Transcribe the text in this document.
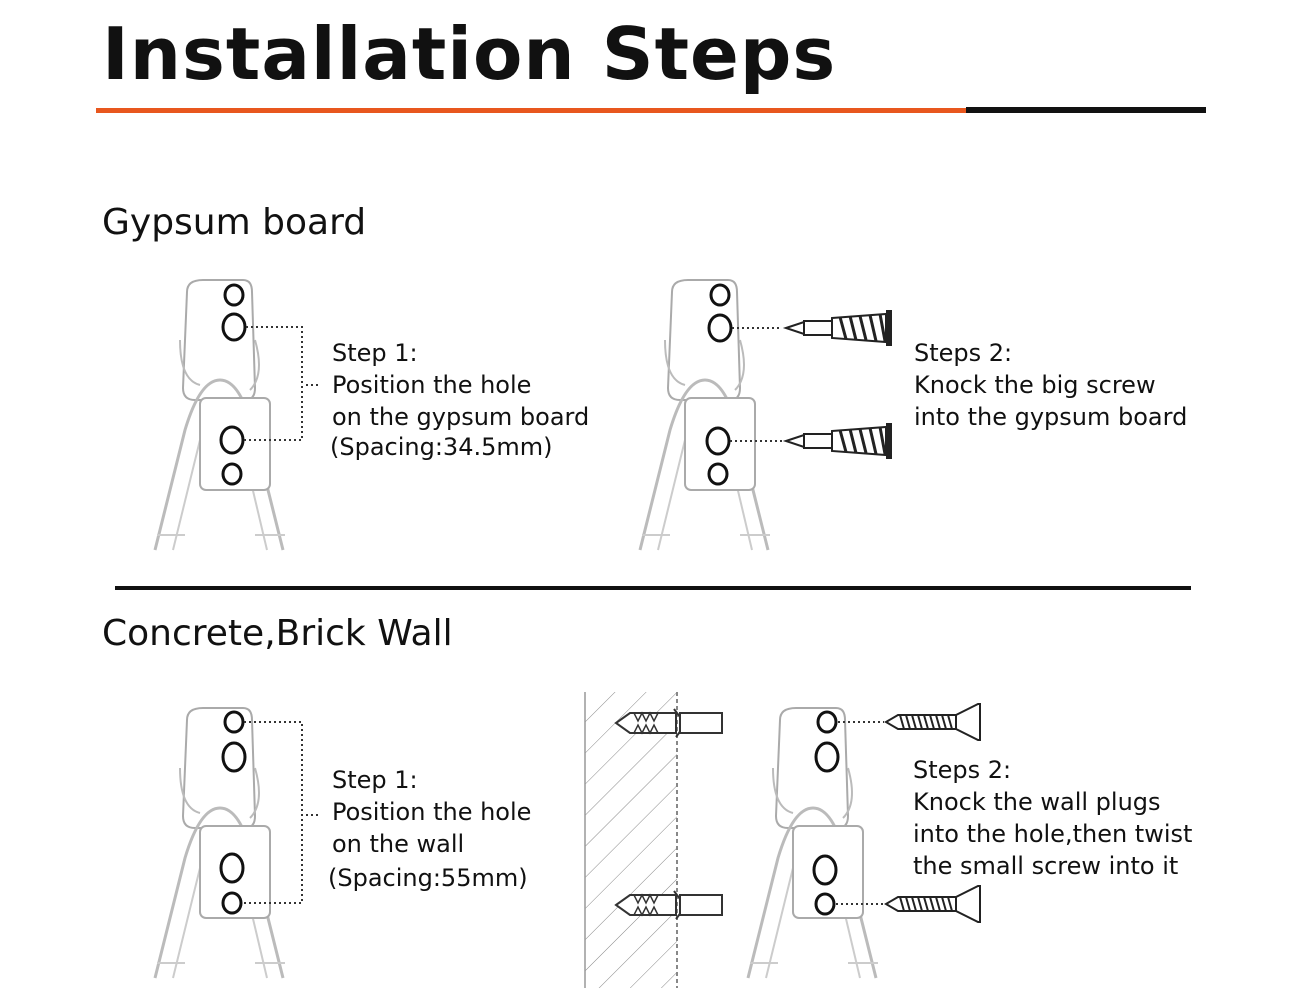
Installation Steps
Gypsum board
Concrete,Brick Wall
Step 1:
Position the hole
on the gypsum board
(Spacing:34.5mm)
Steps 2:
Knock the big screw
into the gypsum board
Step 1:
Position the hole
on the wall
(Spacing:55mm)
Steps 2:
Knock the wall plugs
into the hole,then twist
the small screw into it
